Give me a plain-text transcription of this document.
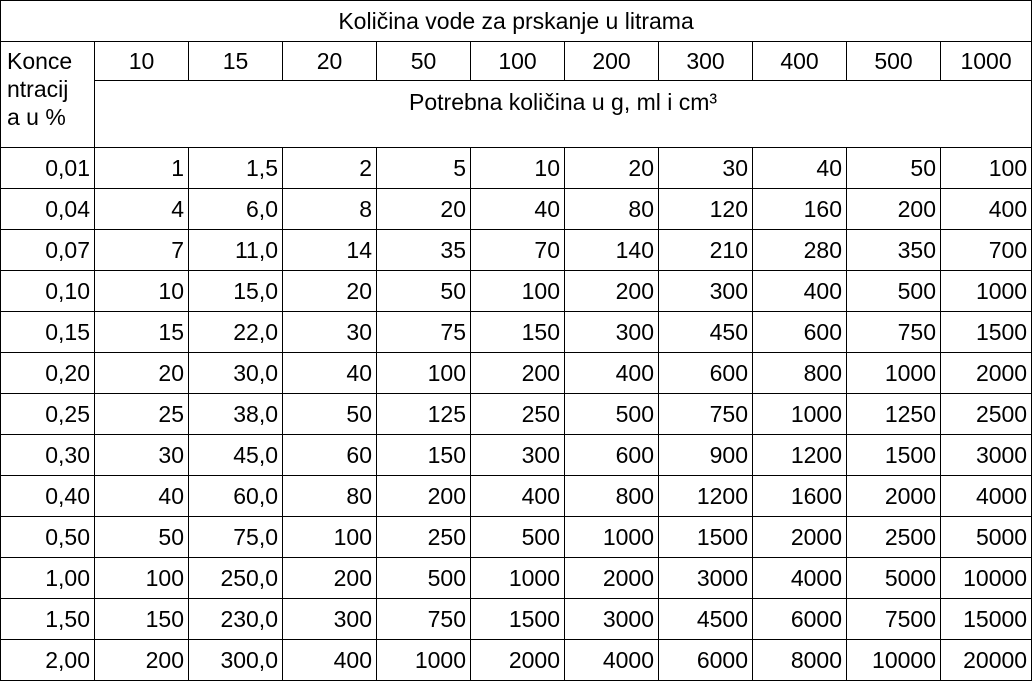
Količina vode za prskanje u litrama										

Konce
ntracij
a u %	10	15	20	50	100	200	300	400	500	1000
	Potrebna količina u g, ml i cm³									
0,01	1	1,5	2	5	10	20	30	40	50	100
0,04	4	6,0	8	20	40	80	120	160	200	400
0,07	7	11,0	14	35	70	140	210	280	350	700
0,10	10	15,0	20	50	100	200	300	400	500	1000
0,15	15	22,0	30	75	150	300	450	600	750	1500
0,20	20	30,0	40	100	200	400	600	800	1000	2000
0,25	25	38,0	50	125	250	500	750	1000	1250	2500
0,30	30	45,0	60	150	300	600	900	1200	1500	3000
0,40	40	60,0	80	200	400	800	1200	1600	2000	4000
0,50	50	75,0	100	250	500	1000	1500	2000	2500	5000
1,00	100	250,0	200	500	1000	2000	3000	4000	5000	10000
1,50	150	230,0	300	750	1500	3000	4500	6000	7500	15000
2,00	200	300,0	400	1000	2000	4000	6000	8000	10000	20000
